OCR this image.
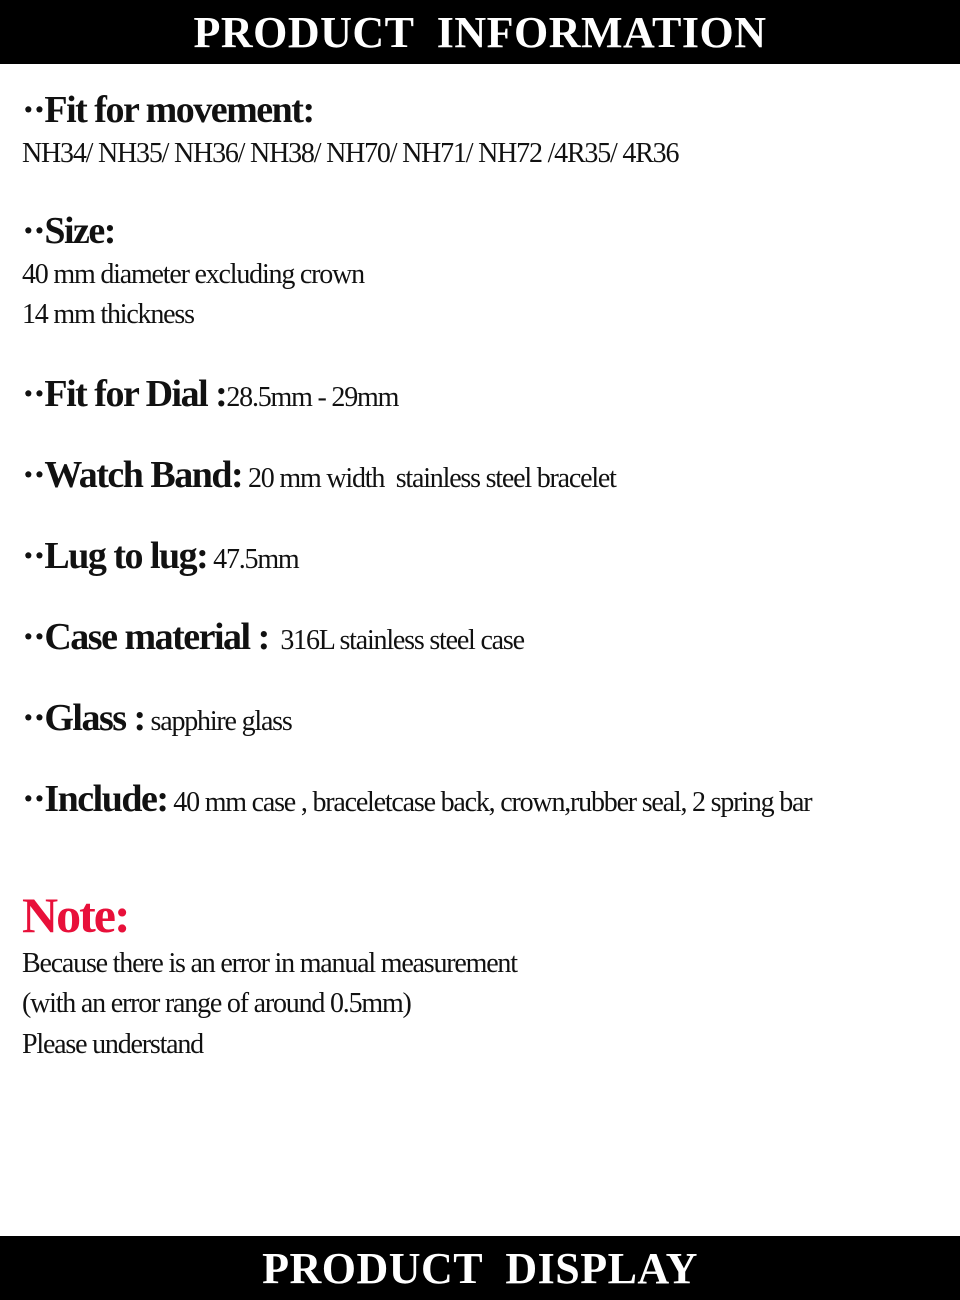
PRODUCT  INFORMATION
··Fit for movement:
NH34/ NH35/ NH36/ NH38/ NH70/ NH71/ NH72 /4R35/ 4R36
··Size:
40 mm diameter excluding crown
14 mm thickness
··Fit for Dial :28.5mm - 29mm
··Watch Band: 20 mm width  stainless steel bracelet
··Lug to lug: 47.5mm
··Case material :  316L stainless steel case
··Glass : sapphire glass
··Include: 40 mm case , braceletcase back, crown,rubber seal, 2 spring bar
Note:
Because there is an error in manual measurement
(with an error range of around 0.5mm)
Please understand
PRODUCT  DISPLAY
